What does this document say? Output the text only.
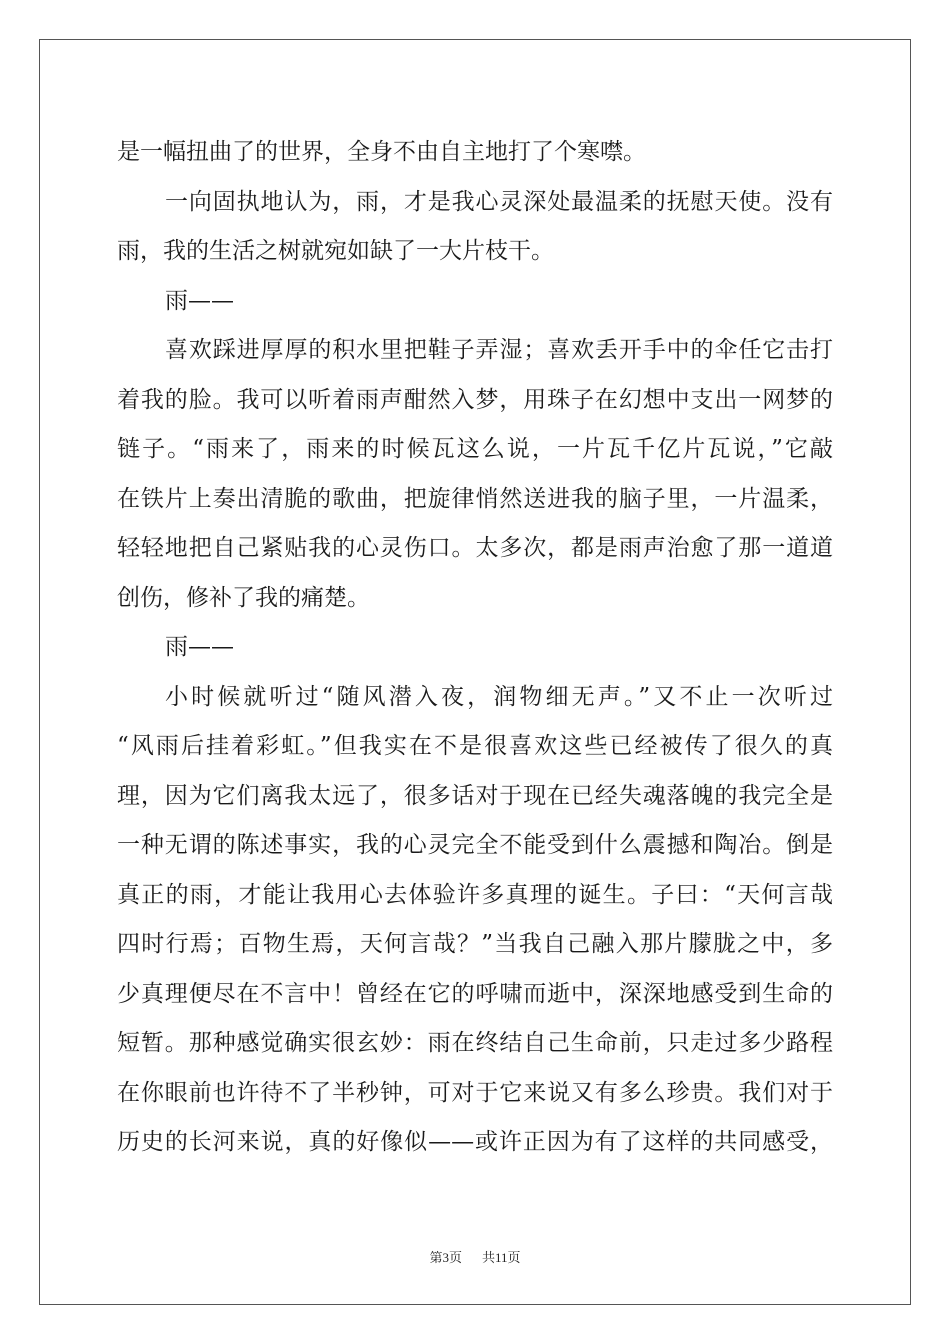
是一幅扭曲了的世界，全身不由自主地打了个寒噤。
一向固执地认为，雨，才是我心灵深处最温柔的抚慰天使。没有
雨，我的生活之树就宛如缺了一大片枝干。
雨——
喜欢踩进厚厚的积水里把鞋子弄湿；喜欢丢开手中的伞任它击打
着我的脸。我可以听着雨声酣然入梦，用珠子在幻想中支出一网梦的
链子。“雨来了，雨来的时候瓦这么说，一片瓦千亿片瓦说，”它敲
在铁片上奏出清脆的歌曲，把旋律悄然送进我的脑子里，一片温柔，
轻轻地把自己紧贴我的心灵伤口。太多次，都是雨声治愈了那一道道
创伤，修补了我的痛楚。
雨——
小时候就听过“随风潜入夜，润物细无声。”又不止一次听过
“风雨后挂着彩虹。”但我实在不是很喜欢这些已经被传了很久的真
理，因为它们离我太远了，很多话对于现在已经失魂落魄的我完全是
一种无谓的陈述事实，我的心灵完全不能受到什么震撼和陶冶。倒是
真正的雨，才能让我用心去体验许多真理的诞生。子曰：“天何言哉
四时行焉；百物生焉，天何言哉？”当我自己融入那片朦胧之中，多
少真理便尽在不言中！曾经在它的呼啸而逝中，深深地感受到生命的
短暂。那种感觉确实很玄妙：雨在终结自己生命前，只走过多少路程
在你眼前也许待不了半秒钟，可对于它来说又有多么珍贵。我们对于
历史的长河来说，真的好像似——或许正因为有了这样的共同感受，
第3页 共11页
